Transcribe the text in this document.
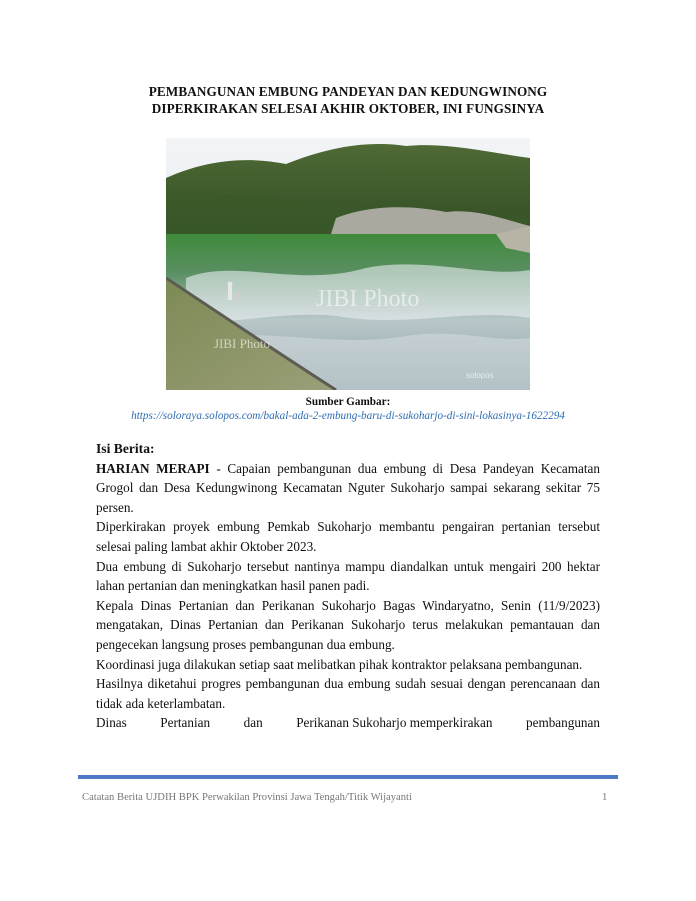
PEMBANGUNAN EMBUNG PANDEYAN DAN KEDUNGWINONG
DIPERKIRAKAN SELESAI AKHIR OKTOBER, INI FUNGSINYA
JIBI Photo
JIBI Photo
solopos
Sumber Gambar:
https://soloraya.solopos.com/bakal-ada-2-embung-baru-di-sukoharjo-di-sini-lokasinya-1622294
Isi Berita:
HARIAN MERAPI - Capaian pembangunan dua embung di Desa Pandeyan Kecamatan Grogol dan Desa Kedungwinong Kecamatan Nguter Sukoharjo sampai sekarang sekitar 75 persen.
Diperkirakan proyek embung Pemkab Sukoharjo membantu pengairan pertanian tersebut selesai paling lambat akhir Oktober 2023.
Dua embung di Sukoharjo tersebut nantinya mampu diandalkan untuk mengairi 200 hektar lahan pertanian dan meningkatkan hasil panen padi.
Kepala Dinas Pertanian dan Perikanan Sukoharjo Bagas Windaryatno, Senin (11/9/2023) mengatakan, Dinas Pertanian dan Perikanan Sukoharjo terus melakukan pemantauan dan pengecekan langsung proses pembangunan dua embung.
Koordinasi juga dilakukan setiap saat melibatkan pihak kontraktor pelaksana pembangunan.
Hasilnya diketahui progres pembangunan dua embung sudah sesuai dengan perencanaan dan tidak ada keterlambatan.
Dinas	Pertanian	dan	Perikanan Sukoharjo memperkirakan	pembangunan
Catatan Berita UJDIH BPK Perwakilan Provinsi Jawa Tengah/Titik Wijayanti	1
